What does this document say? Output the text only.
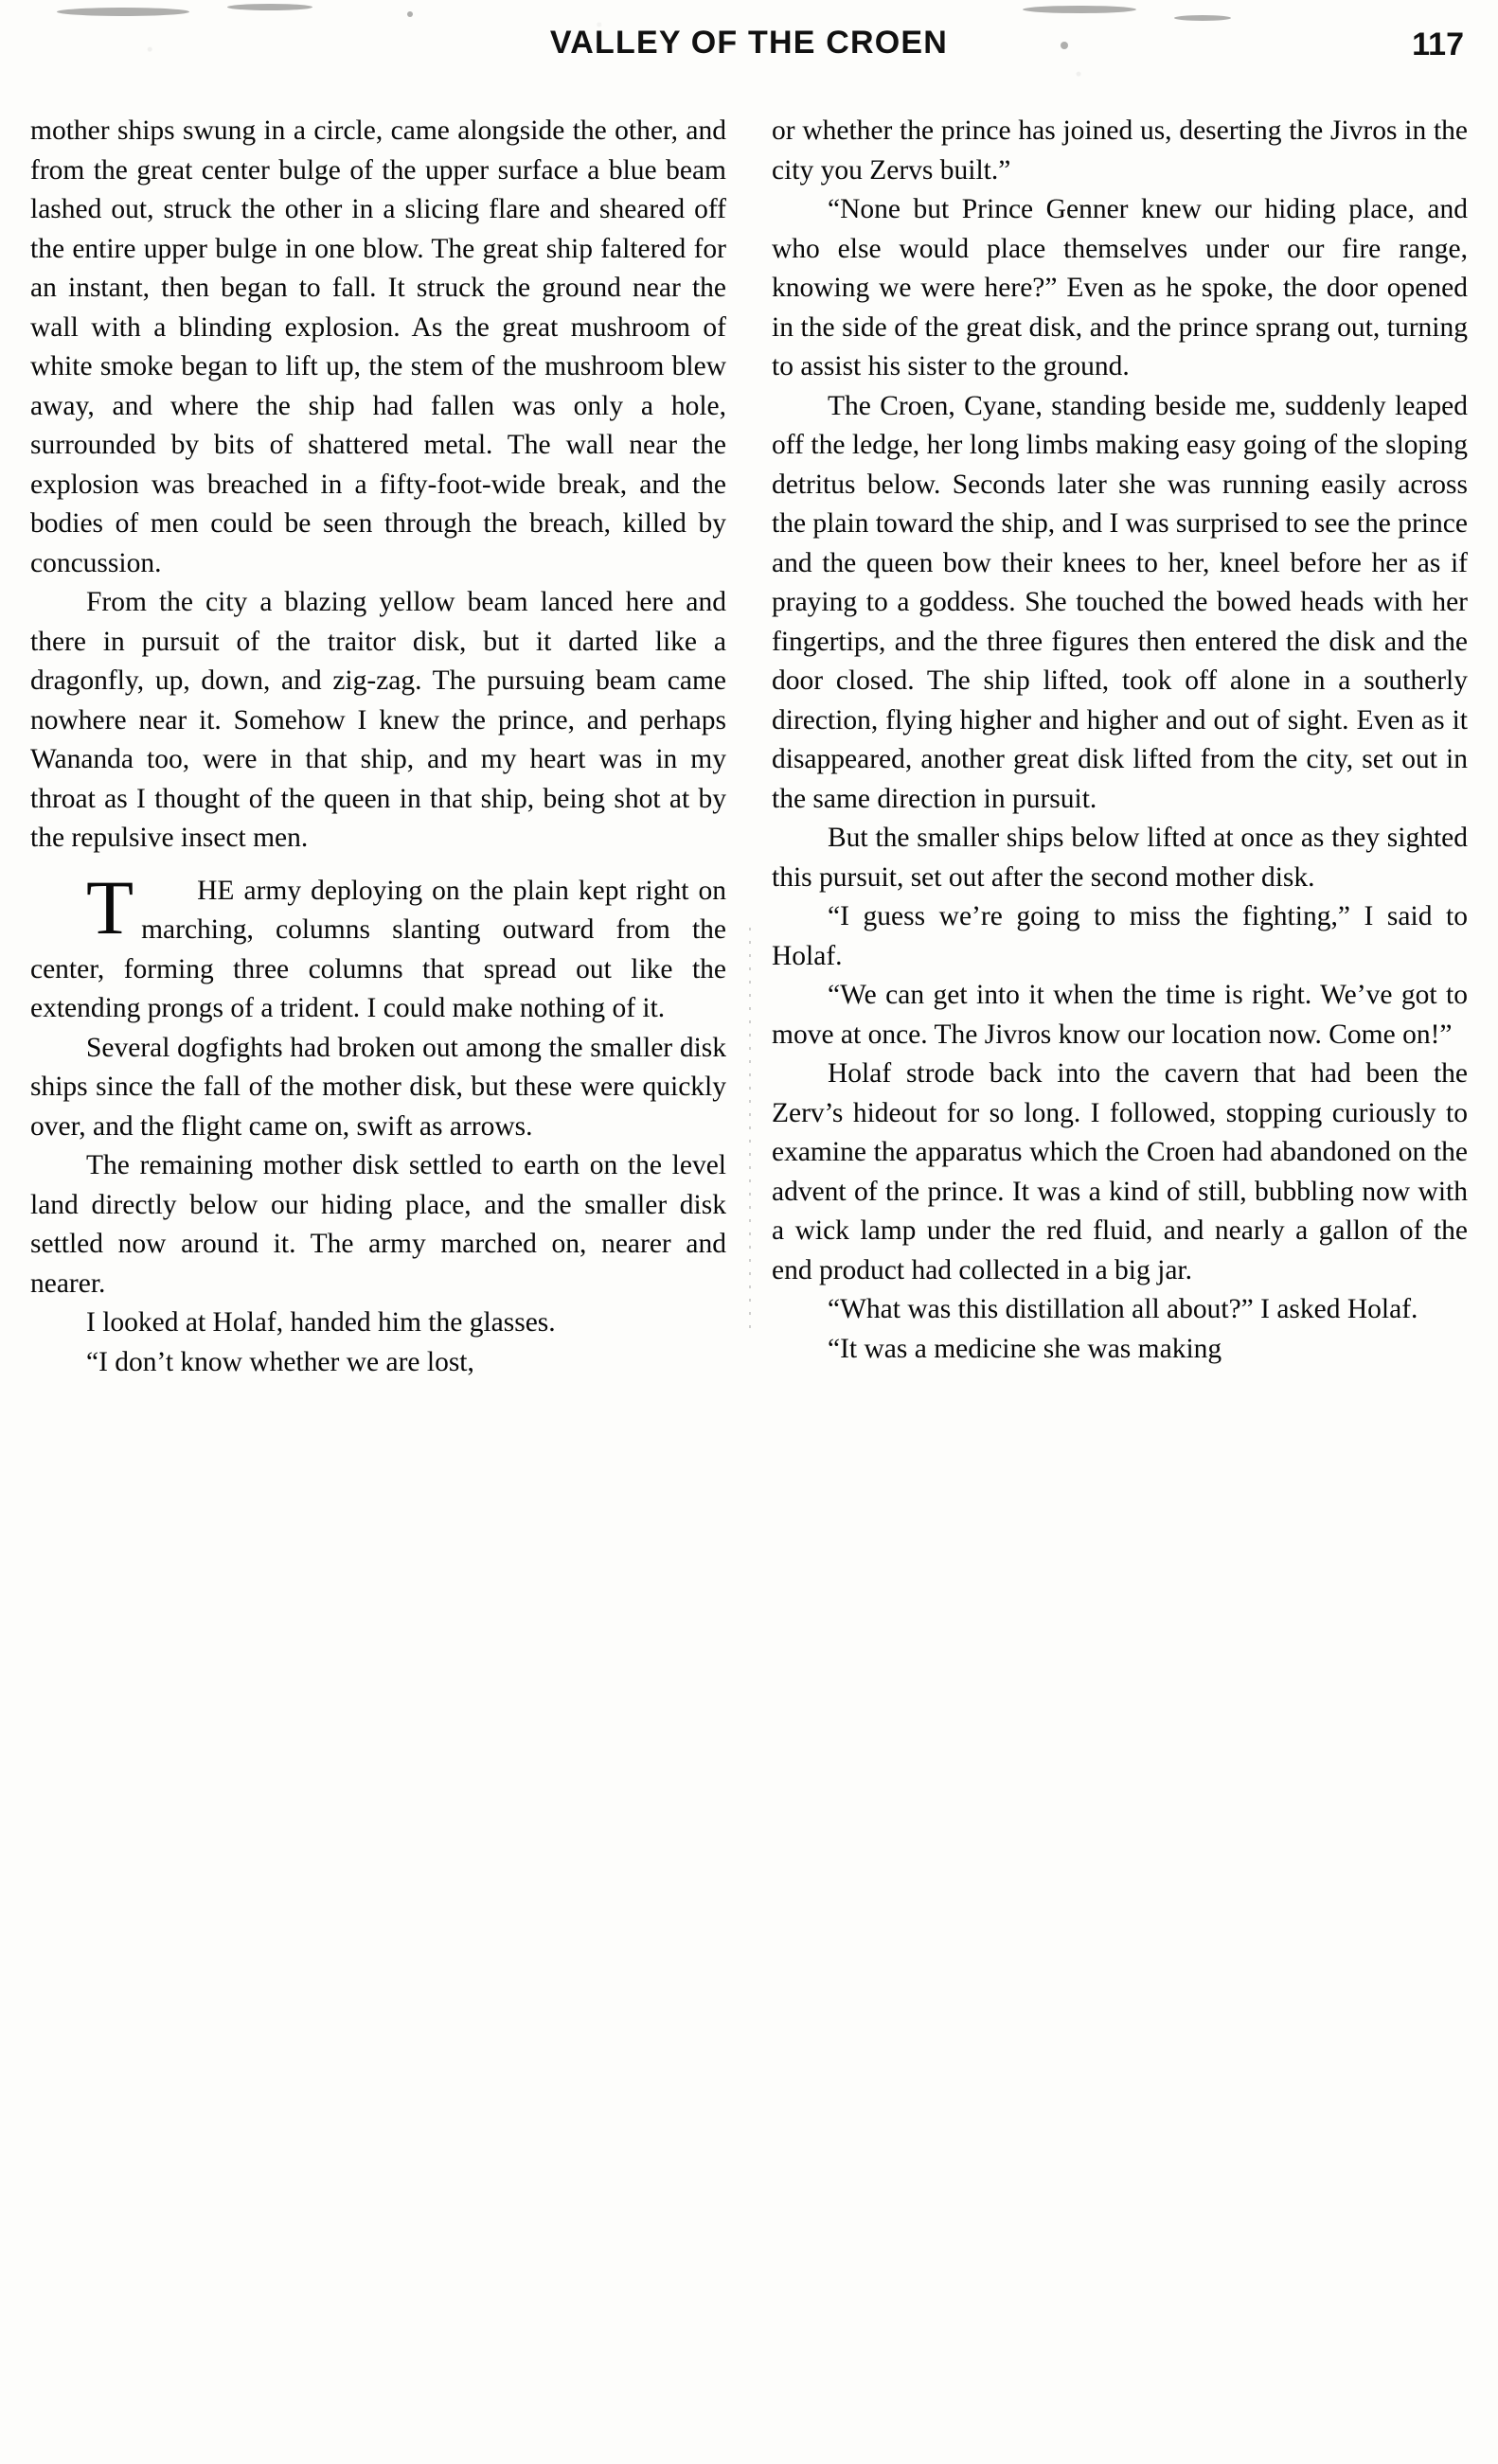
VALLEY OF THE CROEN	117

mother ships swung in a circle, came alongside the other, and from the great center bulge of the upper surface a blue beam lashed out, struck the other in a slicing flare and sheared off the entire upper bulge in one blow. The great ship faltered for an instant, then began to fall. It struck the ground near the wall with a blinding explosion. As the great mushroom of white smoke began to lift up, the stem of the mushroom blew away, and where the ship had fallen was only a hole, surrounded by bits of shattered metal. The wall near the explosion was breached in a fifty-foot-wide break, and the bodies of men could be seen through the breach, killed by concussion.

From the city a blazing yellow beam lanced here and there in pursuit of the traitor disk, but it darted like a dragonfly, up, down, and zig-zag. The pursuing beam came nowhere near it. Somehow I knew the prince, and perhaps Wananda too, were in that ship, and my heart was in my throat as I thought of the queen in that ship, being shot at by the repulsive insect men.

T HE army deploying on the plain kept right on marching, columns slanting outward from the center, forming three columns that spread out like the extending prongs of a trident. I could make nothing of it.

Several dogfights had broken out among the smaller disk ships since the fall of the mother disk, but these were quickly over, and the flight came on, swift as arrows.

The remaining mother disk settled to earth on the level land directly below our hiding place, and the smaller disk settled now around it. The army marched on, nearer and nearer.

I looked at Holaf, handed him the glasses.

“I don’t know whether we are lost,

or whether the prince has joined us, deserting the Jivros in the city you Zervs built.”

“None but Prince Genner knew our hiding place, and who else would place themselves under our fire range, knowing we were here?” Even as he spoke, the door opened in the side of the great disk, and the prince sprang out, turning to assist his sister to the ground.

The Croen, Cyane, standing beside me, suddenly leaped off the ledge, her long limbs making easy going of the sloping detritus below. Seconds later she was running easily across the plain toward the ship, and I was surprised to see the prince and the queen bow their knees to her, kneel before her as if praying to a goddess. She touched the bowed heads with her fingertips, and the three figures then entered the disk and the door closed. The ship lifted, took off alone in a southerly direction, flying higher and higher and out of sight. Even as it disappeared, another great disk lifted from the city, set out in the same direction in pursuit.

But the smaller ships below lifted at once as they sighted this pursuit, set out after the second mother disk.

“I guess we’re going to miss the fighting,” I said to Holaf.

“We can get into it when the time is right. We’ve got to move at once. The Jivros know our location now. Come on!”

Holaf strode back into the cavern that had been the Zerv’s hideout for so long. I followed, stopping curiously to examine the apparatus which the Croen had abandoned on the advent of the prince. It was a kind of still, bubbling now with a wick lamp under the red fluid, and nearly a gallon of the end product had collected in a big jar.

“What was this distillation all about?” I asked Holaf.

“It was a medicine she was making
